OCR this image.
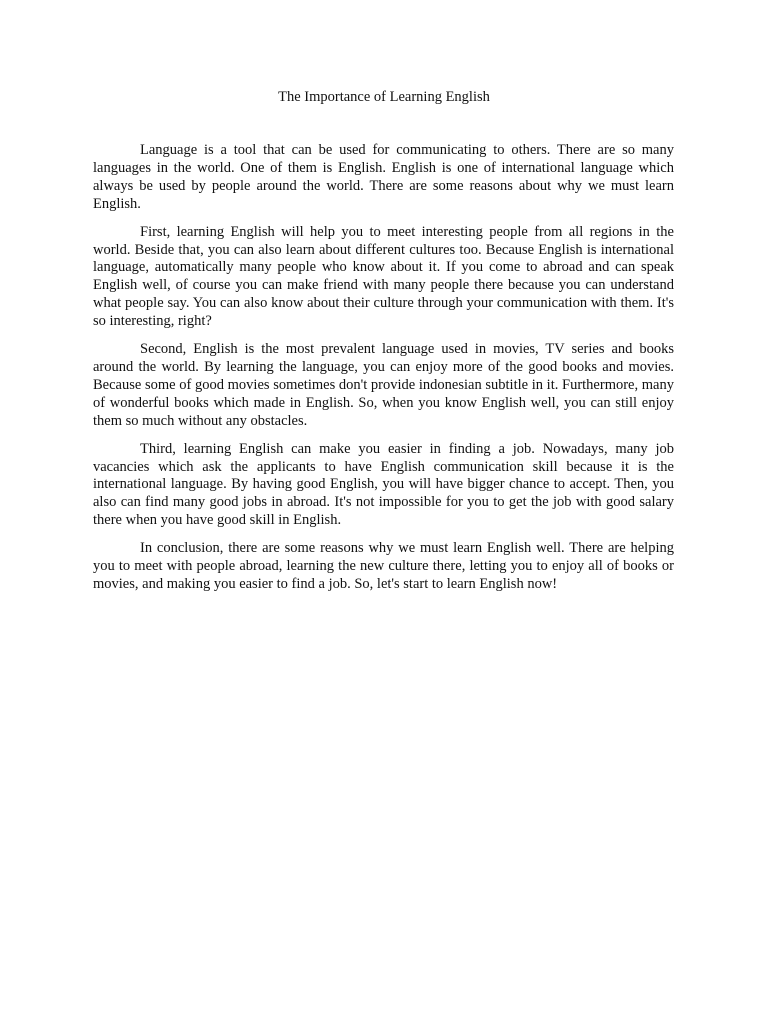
The Importance of Learning English

Language is a tool that can be used for communicating to others. There are so many languages in the world. One of them is English. English is one of international language which always be used by people around the world. There are some reasons about why we must learn English.

First, learning English will help you to meet interesting people from all regions in the world. Beside that, you can also learn about different cultures too. Because English is international language, automatically many people who know about it. If you come to abroad and can speak English well, of course you can make friend with many people there because you can understand what people say. You can also know about their culture through your communication with them. It's so interesting, right?

Second, English is the most prevalent language used in movies, TV series and books around the world. By learning the language, you can enjoy more of the good books and movies. Because some of good movies sometimes don't provide indonesian subtitle in it. Furthermore, many of wonderful books which made in English. So, when you know English well, you can still enjoy them so much without any obstacles.

Third, learning English can make you easier in finding a job. Nowadays, many job vacancies which ask the applicants to have English communication skill because it is the international language. By having good English, you will have bigger chance to accept. Then, you also can find many good jobs in abroad. It's not impossible for you to get the job with good salary there when you have good skill in English.

In conclusion, there are some reasons why we must learn English well. There are helping you to meet with people abroad, learning the new culture there, letting you to enjoy all of books or movies, and making you easier to find a job. So, let's start to learn English now!
